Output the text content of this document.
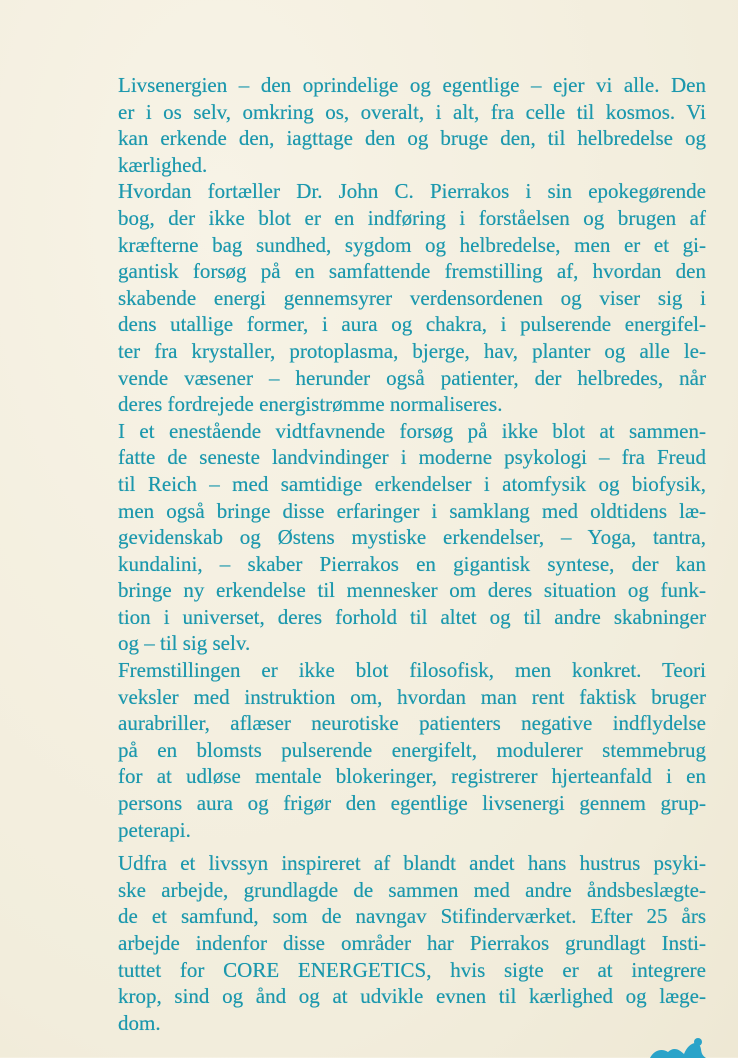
Livsenergien – den oprindelige og egentlige – ejer vi alle. Den
er i os selv, omkring os, overalt, i alt, fra celle til kosmos. Vi
kan erkende den, iagttage den og bruge den, til helbredelse og
kærlighed.
Hvordan fortæller Dr. John C. Pierrakos i sin epokegørende
bog, der ikke blot er en indføring i forståelsen og brugen af
kræfterne bag sundhed, sygdom og helbredelse, men er et gi-
gantisk forsøg på en samfattende fremstilling af, hvordan den
skabende energi gennemsyrer verdensordenen og viser sig i
dens utallige former, i aura og chakra, i pulserende energifel-
ter fra krystaller, protoplasma, bjerge, hav, planter og alle le-
vende væsener – herunder også patienter, der helbredes, når
deres fordrejede energistrømme normaliseres.
I et enestående vidtfavnende forsøg på ikke blot at sammen-
fatte de seneste landvindinger i moderne psykologi – fra Freud
til Reich – med samtidige erkendelser i atomfysik og biofysik,
men også bringe disse erfaringer i samklang med oldtidens læ-
gevidenskab og Østens mystiske erkendelser, – Yoga, tantra,
kundalini, – skaber Pierrakos en gigantisk syntese, der kan
bringe ny erkendelse til mennesker om deres situation og funk-
tion i universet, deres forhold til altet og til andre skabninger
og – til sig selv.
Fremstillingen er ikke blot filosofisk, men konkret. Teori
veksler med instruktion om, hvordan man rent faktisk bruger
aurabriller, aflæser neurotiske patienters negative indflydelse
på en blomsts pulserende energifelt, modulerer stemmebrug
for at udløse mentale blokeringer, registrerer hjerteanfald i en
persons aura og frigør den egentlige livsenergi gennem grup-
peterapi.
Udfra et livssyn inspireret af blandt andet hans hustrus psyki-
ske arbejde, grundlagde de sammen med andre åndsbeslægte-
de et samfund, som de navngav Stifinderværket. Efter 25 års
arbejde indenfor disse områder har Pierrakos grundlagt Insti-
tuttet for CORE ENERGETICS, hvis sigte er at integrere
krop, sind og ånd og at udvikle evnen til kærlighed og læge-
dom.
